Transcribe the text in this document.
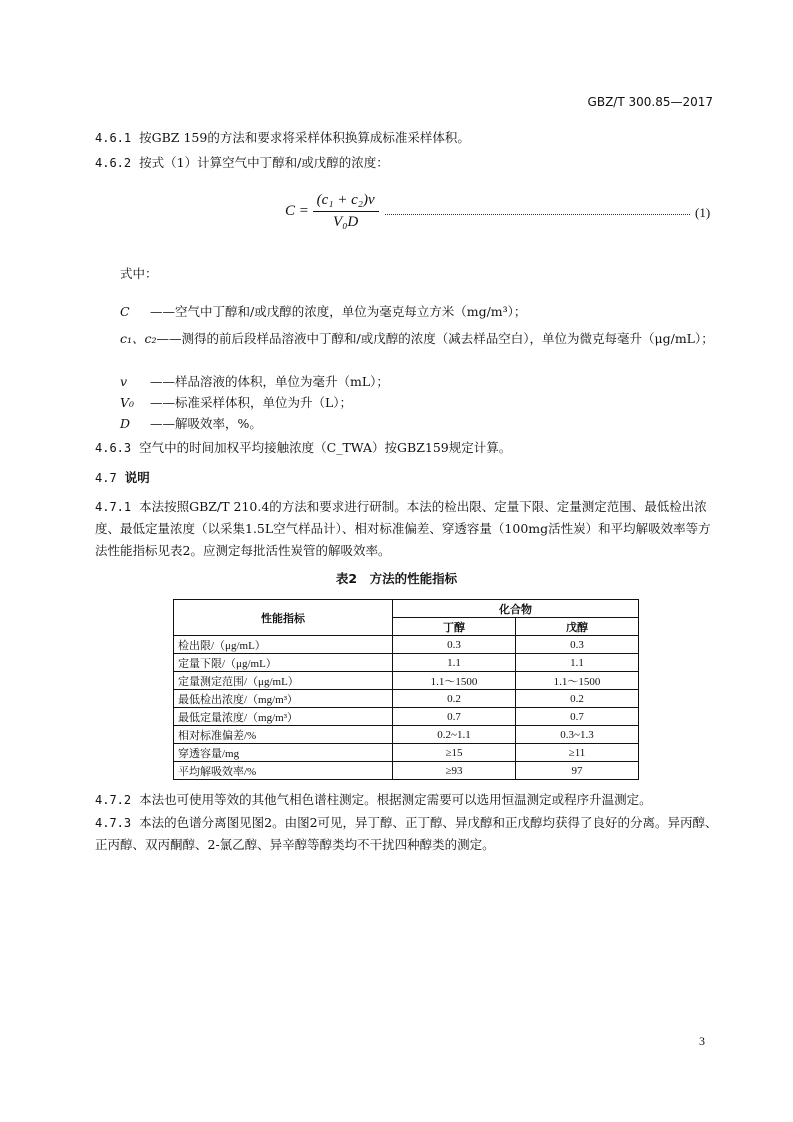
GBZ/T 300.85—2017
4.6.1 按GBZ 159的方法和要求将采样体积换算成标准采样体积。
4.6.2 按式（1）计算空气中丁醇和/或戊醇的浓度：
$C = \frac{\text{(c₁ + c₂)v}}{\text{V₀D}}$	(1)
式中：
C ——空气中丁醇和/或戊醇的浓度，单位为毫克每立方米（mg/m³）；
c₁、c₂——测得的前后段样品溶液中丁醇和/或戊醇的浓度（减去样品空白），单位为微克每毫升（μg/mL）；
v ——样品溶液的体积，单位为毫升（mL）；
V₀ ——标准采样体积，单位为升（L）；
D ——解吸效率，%。
4.6.3 空气中的时间加权平均接触浓度（C_TWA）按GBZ159规定计算。
4.7 说明
4.7.1 本法按照GBZ/T 210.4的方法和要求进行研制。本法的检出限、定量下限、定量测定范围、最低检出浓度、最低定量浓度（以采集1.5L空气样品计）、相对标准偏差、穿透容量（100mg活性炭）和平均解吸效率等方法性能指标见表2。应测定每批活性炭管的解吸效率。
表2　方法的性能指标
性能指标	化合物	
	丁醇	戊醇
检出限/（μg/mL）	0.3	0.3
定量下限/（μg/mL）	1.1	1.1
定量测定范围/（μg/mL）	1.1～1500	1.1～1500
最低检出浓度/（mg/m³）	0.2	0.2
最低定量浓度/（mg/m³）	0.7	0.7
相对标准偏差/%	0.2~1.1	0.3~1.3
穿透容量/mg	≥15	≥11
平均解吸效率/%	≥93	97
4.7.2 本法也可使用等效的其他气相色谱柱测定。根据测定需要可以选用恒温测定或程序升温测定。
4.7.3 本法的色谱分离图见图2。由图2可见，异丁醇、正丁醇、异戊醇和正戊醇均获得了良好的分离。异丙醇、正丙醇、双丙酮醇、2-氯乙醇、异辛醇等醇类均不干扰四种醇类的测定。
3
